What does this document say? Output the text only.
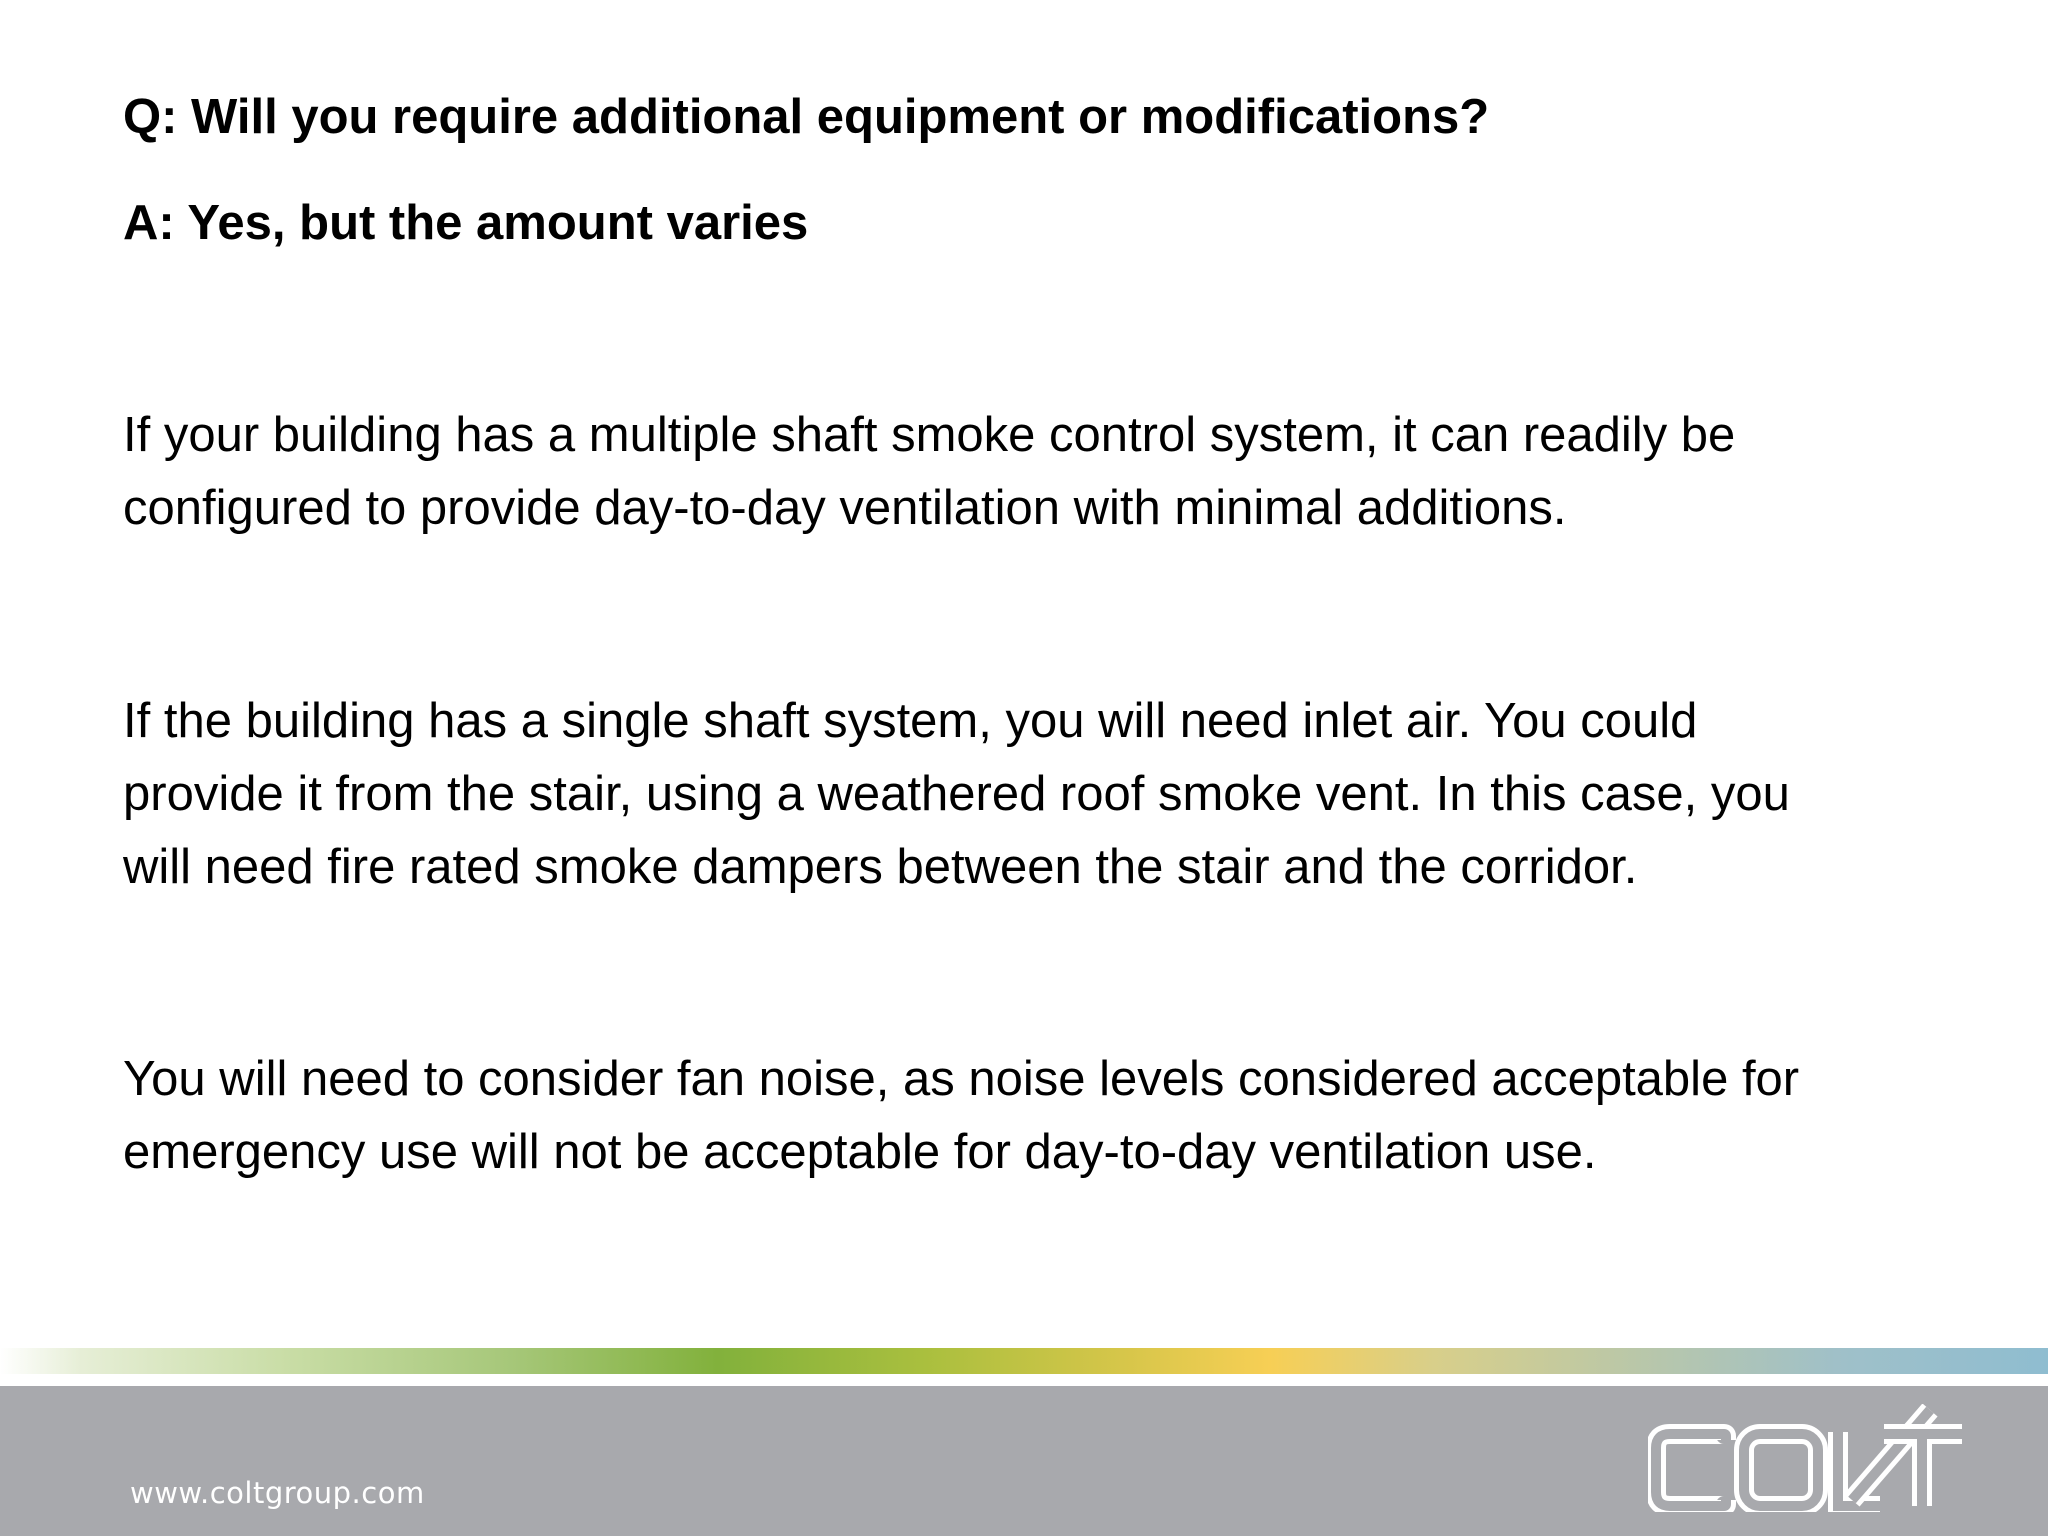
Q: Will you require additional equipment or modifications?
A: Yes, but the amount varies
If your building has a multiple shaft smoke control system, it can readily be
configured to provide day-to-day ventilation with minimal additions.
If the building has a single shaft system, you will need inlet air. You could
provide it from the stair, using a weathered roof smoke vent. In this case, you
will need fire rated smoke dampers between the stair and the corridor.
You will need to consider fan noise, as noise levels considered acceptable for
emergency use will not be acceptable for day-to-day ventilation use.
www.coltgroup.com
